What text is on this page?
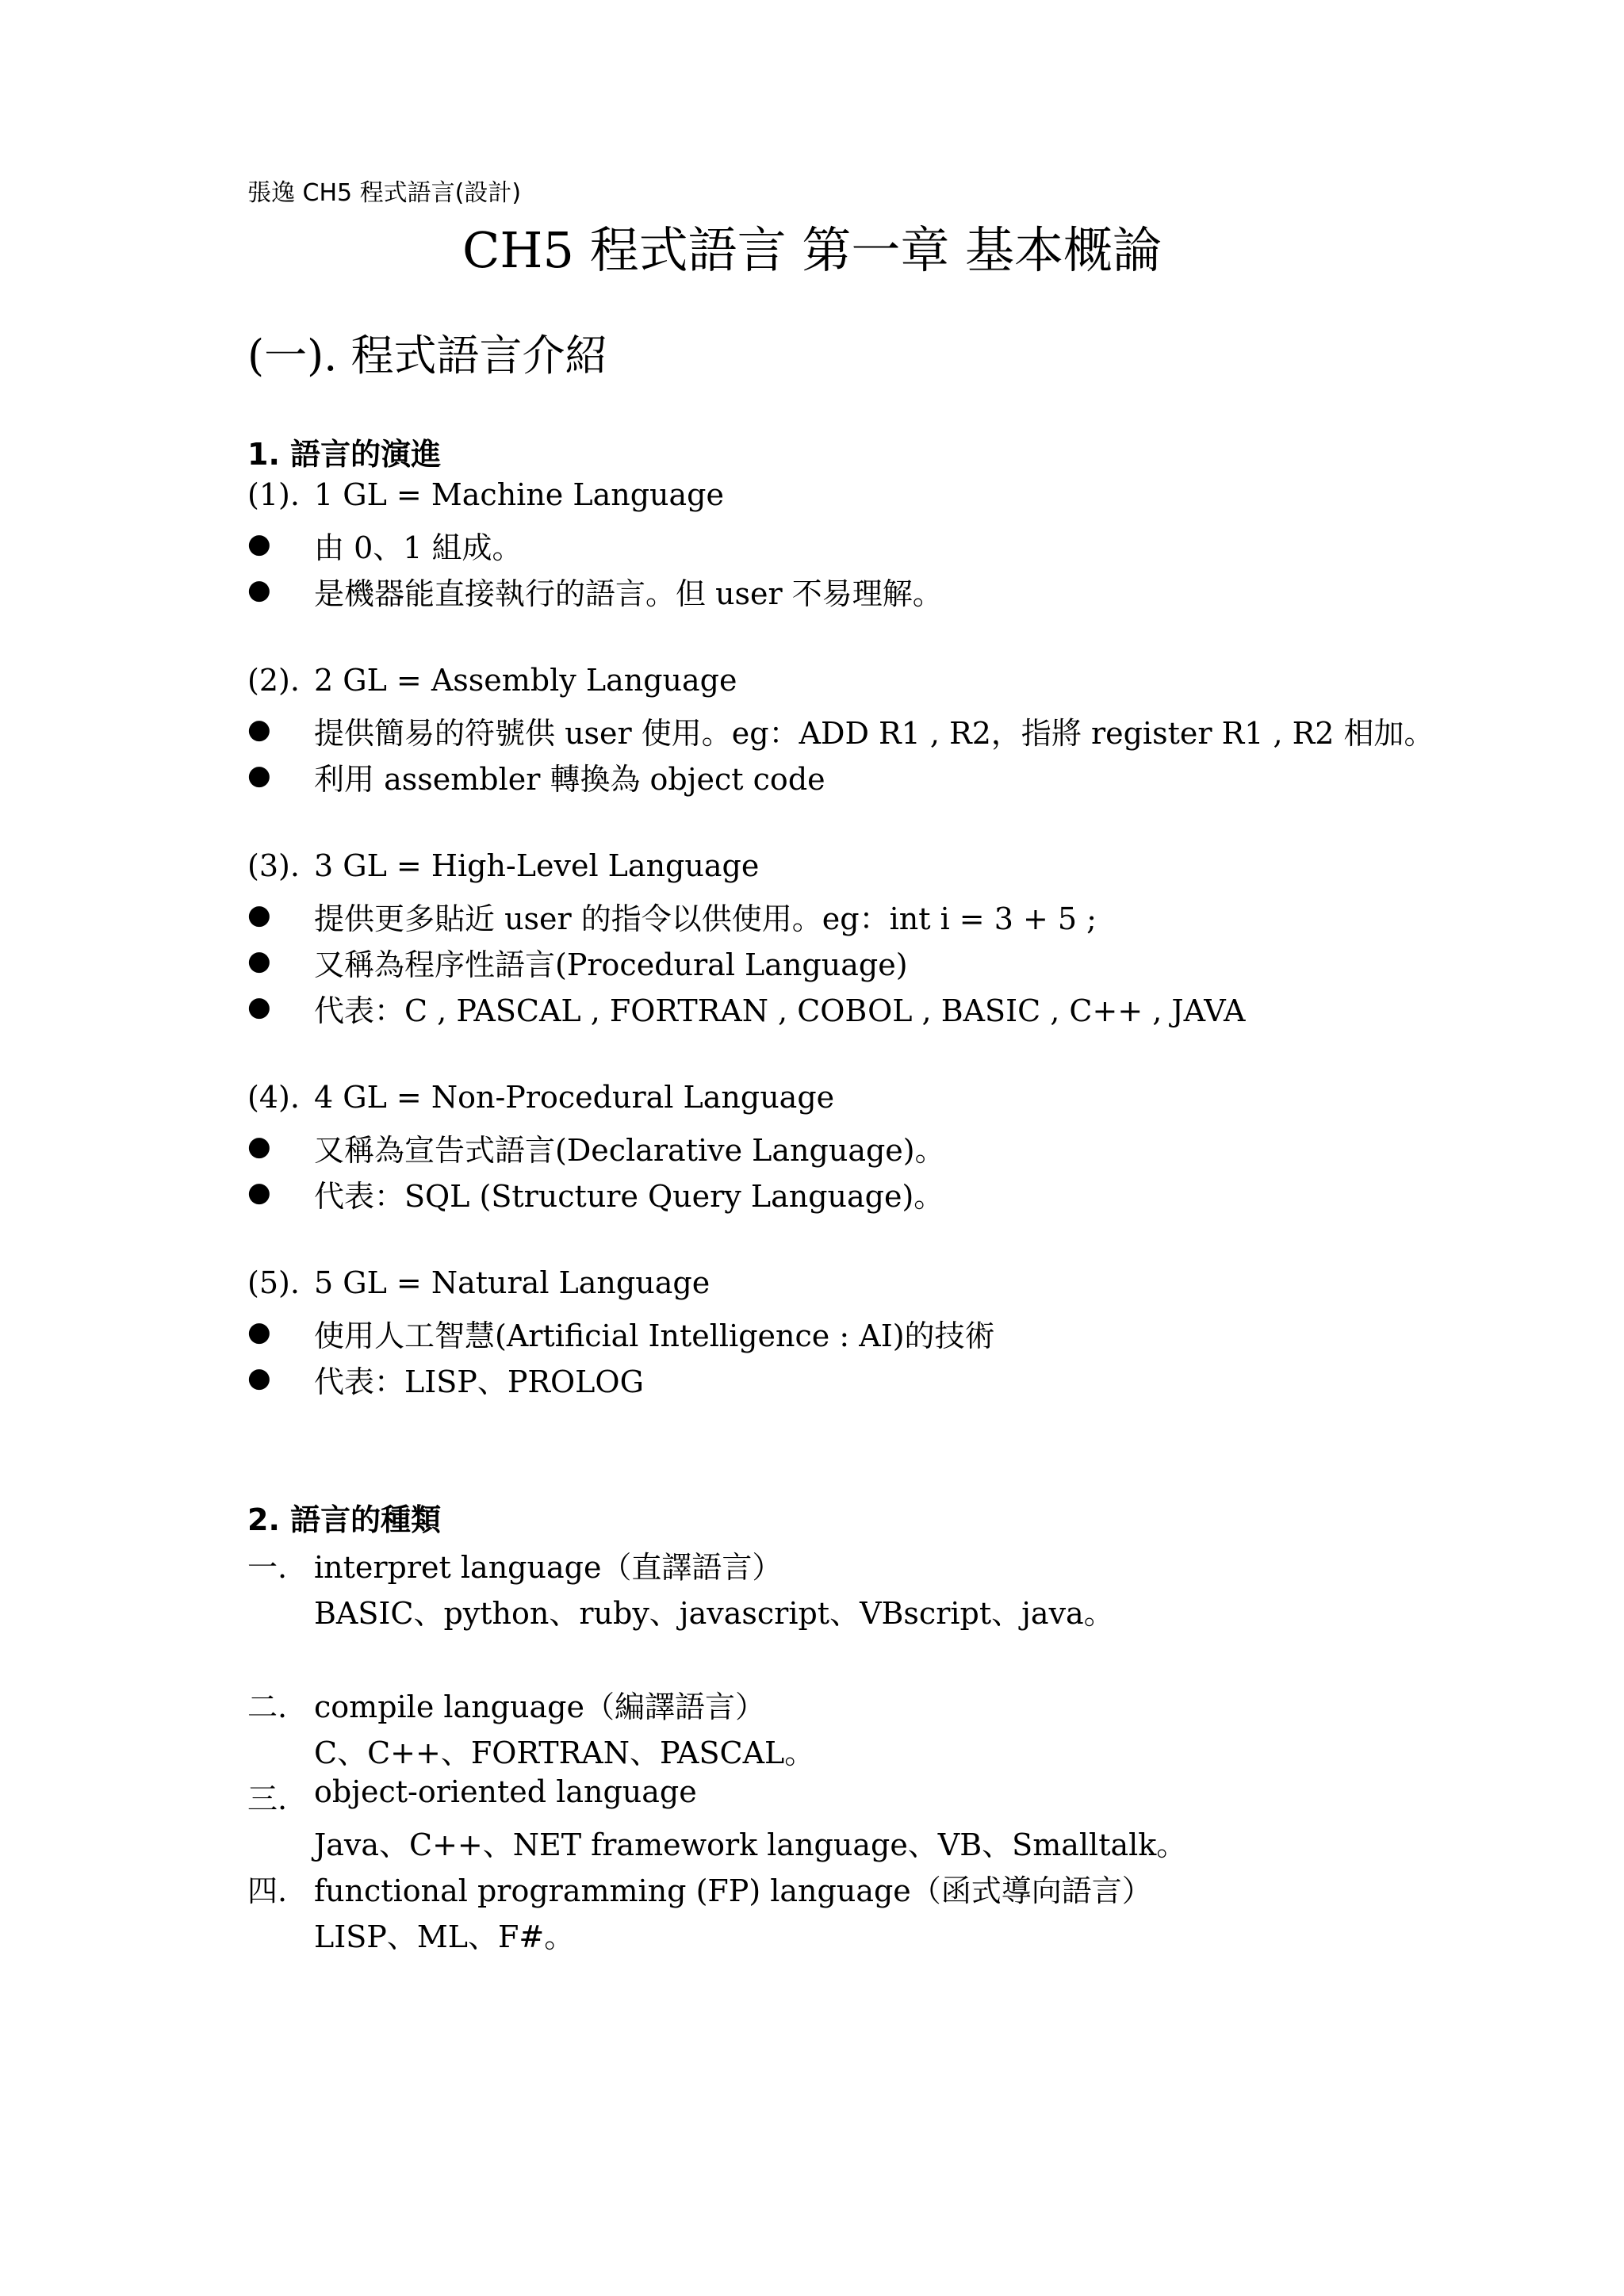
張逸 CH5 程式語言(設計)
CH5 程式語言 第一章 基本概論
(一). 程式語言介紹
1. 語言的演進
(1). 1 GL = Machine Language
● 由 0、1 組成。
● 是機器能直接執行的語言。但 user 不易理解。
(2). 2 GL = Assembly Language
● 提供簡易的符號供 user 使用。eg：ADD R1 , R2，指將 register R1 , R2 相加。
● 利用 assembler 轉換為 object code
(3). 3 GL = High-Level Language
● 提供更多貼近 user 的指令以供使用。eg：int i = 3 + 5 ;
● 又稱為程序性語言(Procedural Language)
● 代表：C , PASCAL , FORTRAN , COBOL , BASIC , C++ , JAVA
(4). 4 GL = Non-Procedural Language
● 又稱為宣告式語言(Declarative Language)。
● 代表：SQL (Structure Query Language)。
(5). 5 GL = Natural Language
● 使用人工智慧(Artificial Intelligence : AI)的技術
● 代表：LISP、PROLOG
2. 語言的種類
一. interpret language（直譯語言）
BASIC、python、ruby、javascript、VBscript、java。
二. compile language（編譯語言）
C、C++、FORTRAN、PASCAL。
三. object-oriented language
Java、C++、NET framework language、VB、Smalltalk。
四. functional programming (FP) language（函式導向語言）
LISP、ML、F#。
